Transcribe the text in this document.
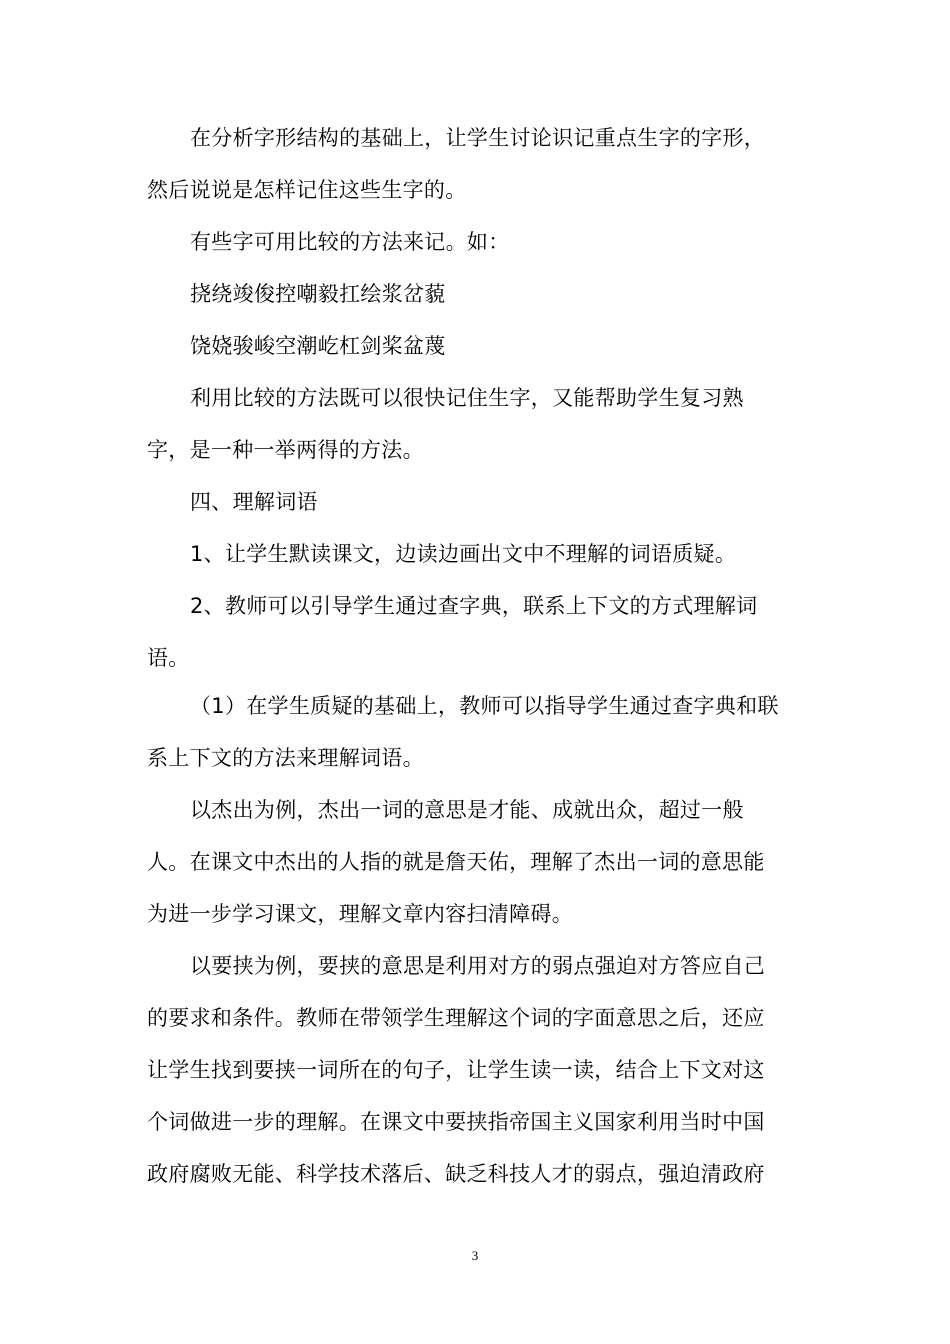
在分析字形结构的基础上，让学生讨论识记重点生字的字形，
然后说说是怎样记住这些生字的。
有些字可用比较的方法来记。如：
挠绕竣俊控嘲毅扛绘浆岔藐
饶娆骏峻空潮屹杠剑桨盆蔑
利用比较的方法既可以很快记住生字，又能帮助学生复习熟
字，是一种一举两得的方法。
四、理解词语
1、让学生默读课文，边读边画出文中不理解的词语质疑。
2、教师可以引导学生通过查字典，联系上下文的方式理解词
语。
（1）在学生质疑的基础上，教师可以指导学生通过查字典和联
系上下文的方法来理解词语。
以杰出为例，杰出一词的意思是才能、成就出众，超过一般
人。在课文中杰出的人指的就是詹天佑，理解了杰出一词的意思能
为进一步学习课文，理解文章内容扫清障碍。
以要挟为例，要挟的意思是利用对方的弱点强迫对方答应自己
的要求和条件。教师在带领学生理解这个词的字面意思之后，还应
让学生找到要挟一词所在的句子，让学生读一读，结合上下文对这
个词做进一步的理解。在课文中要挟指帝国主义国家利用当时中国
政府腐败无能、科学技术落后、缺乏科技人才的弱点，强迫清政府
3
